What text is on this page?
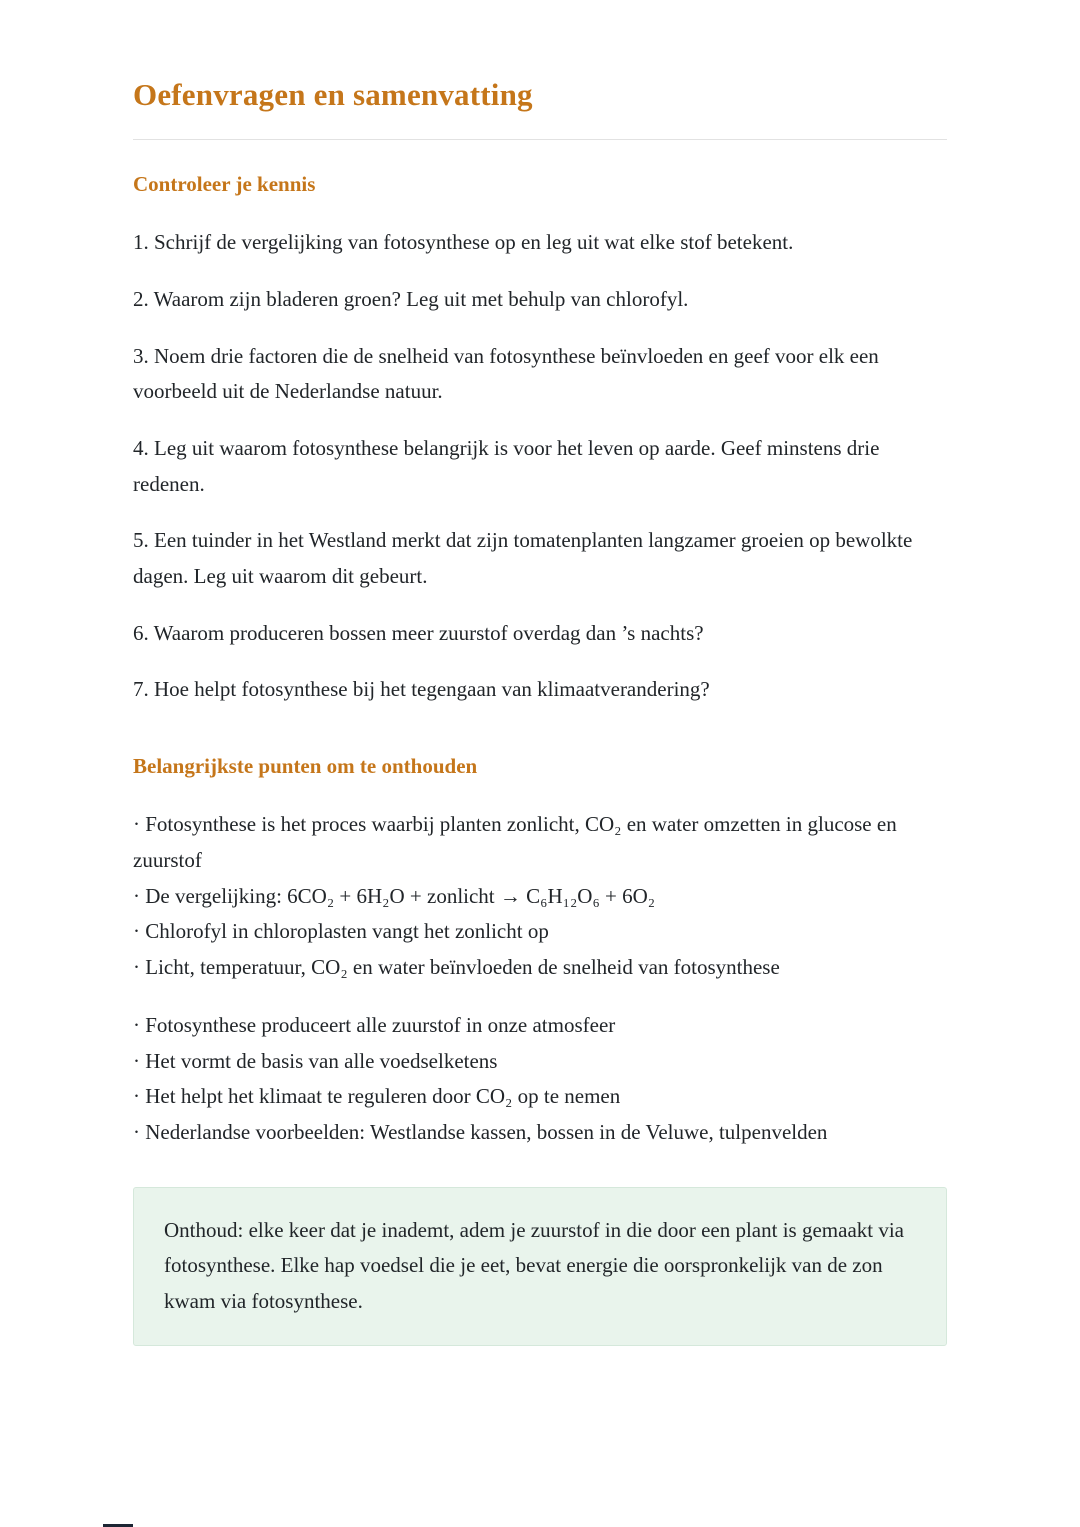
Oefenvragen en samenvatting
Controleer je kennis

1. Schrijf de vergelijking van fotosynthese op en leg uit wat elke stof betekent.

2. Waarom zijn bladeren groen? Leg uit met behulp van chlorofyl.

3. Noem drie factoren die de snelheid van fotosynthese beïnvloeden en geef voor elk een voorbeeld uit de Nederlandse natuur.

4. Leg uit waarom fotosynthese belangrijk is voor het leven op aarde. Geef minstens drie redenen.

5. Een tuinder in het Westland merkt dat zijn tomatenplanten langzamer groeien op bewolkte dagen. Leg uit waarom dit gebeurt.

6. Waarom produceren bossen meer zuurstof overdag dan ’s nachts?

7. Hoe helpt fotosynthese bij het tegengaan van klimaatverandering?

Belangrijkste punten om te onthouden
· Fotosynthese is het proces waarbij planten zonlicht, CO₂ en water omzetten in glucose en zuurstof
· De vergelijking: 6CO₂ + 6H₂O + zonlicht → C₆H₁₂O₆ + 6O₂
· Chlorofyl in chloroplasten vangt het zonlicht op
· Licht, temperatuur, CO₂ en water beïnvloeden de snelheid van fotosynthese
· Fotosynthese produceert alle zuurstof in onze atmosfeer
· Het vormt de basis van alle voedselketens
· Het helpt het klimaat te reguleren door CO₂ op te nemen
· Nederlandse voorbeelden: Westlandse kassen, bossen in de Veluwe, tulpenvelden

Onthoud: elke keer dat je inademt, adem je zuurstof in die door een plant is gemaakt via fotosynthese. Elke hap voedsel die je eet, bevat energie die oorspronkelijk van de zon kwam via fotosynthese.
